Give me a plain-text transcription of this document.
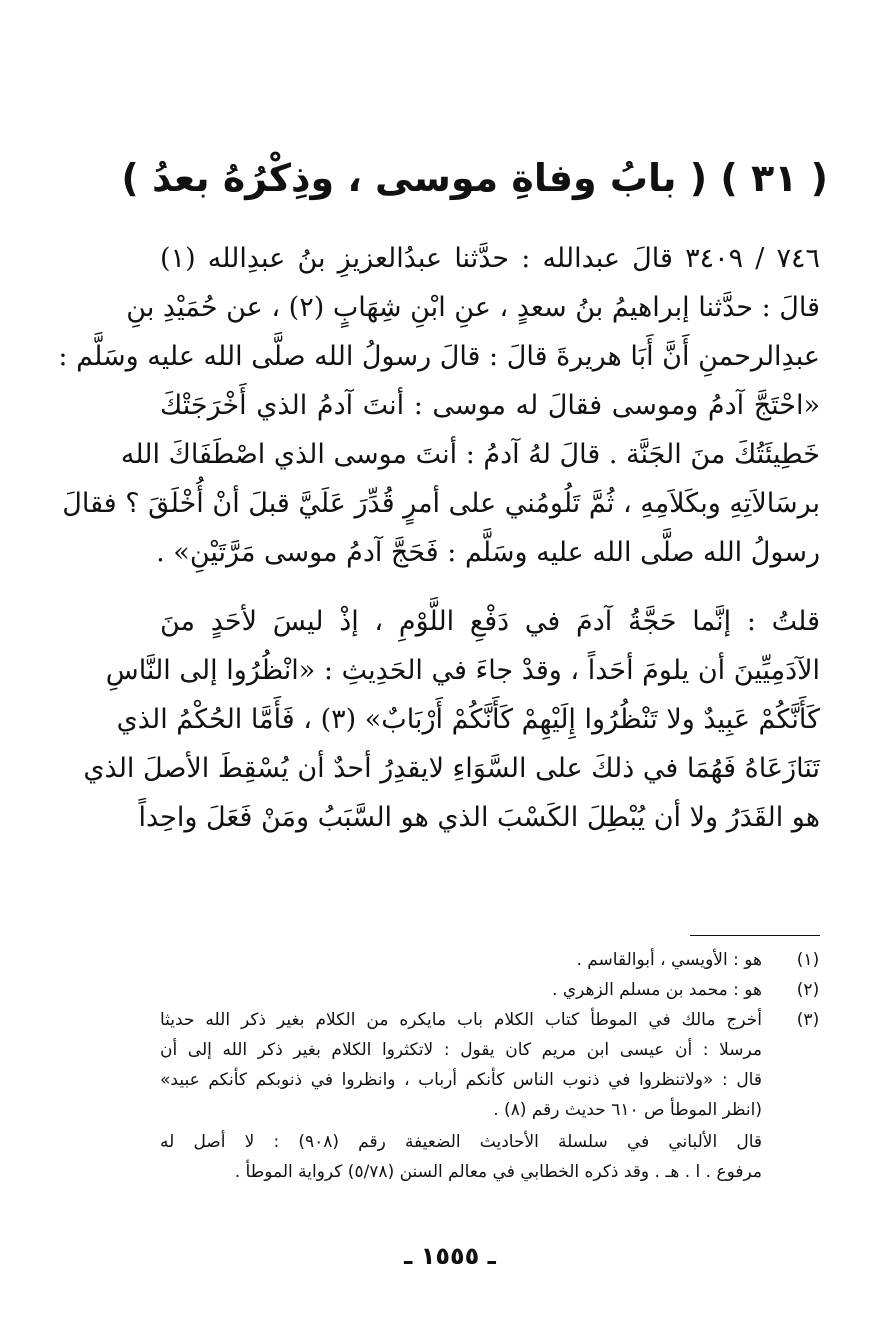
( ٣١ ) ( بابُ وفاةِ موسى ، وذِكْرُهُ بعدُ )
٧٤٦ / ٣٤٠٩ قالَ عبدالله : حدَّثنا عبدُالعزيزِ بنُ عبدِالله (١)
قالَ : حدَّثنا إبراهيمُ بنُ سعدٍ ، عنِ ابْنِ شِهَابٍ (٢) ، عن حُمَيْدِ بنِ
عبدِالرحمنِ أَنَّ أَبَا هريرةَ قالَ : قالَ رسولُ الله صلَّى الله عليه وسَلَّم :
«احْتَجَّ آدمُ وموسى فقالَ له موسى : أنتَ آدمُ الذي أَخْرَجَتْكَ
خَطِيئَتُكَ منَ الجَنَّة . قالَ لهُ آدمُ : أنتَ موسى الذي اصْطَفَاكَ الله
برسَالاَتِهِ وبكَلاَمِهِ ، ثُمَّ تَلُومُني على أمرٍ قُدِّرَ عَلَيَّ قبلَ أنْ أُخْلَقَ ؟ فقالَ
رسولُ الله صلَّى الله عليه وسَلَّم : فَحَجَّ آدمُ موسى مَرَّتَيْنِ» .
قلتُ : إنَّما حَجَّةُ آدمَ في دَفْعِ اللَّوْمِ ، إذْ ليسَ لأحَدٍ منَ
الآدَمِيِّينَ أن يلومَ أحَداً ، وقدْ جاءَ في الحَدِيثِ : «انْظُرُوا إلى النَّاسِ
كَأَنَّكُمْ عَبِيدٌ ولا تَنْظُرُوا إِلَيْهِمْ كَأَنَّكُمْ أَرْبَابٌ» (٣) ، فَأَمَّا الحُكْمُ الذي
تَنَازَعَاهُ فَهُمَا في ذلكَ على السَّوَاءِ لايقدِرُ أحدٌ أن يُسْقِطَ الأصلَ الذي
هو القَدَرُ ولا أن يُبْطِلَ الكَسْبَ الذي هو السَّبَبُ ومَنْ فَعَلَ واحِداً
(١)
هو : الأويسي ، أبوالقاسم .
(٢)
هو : محمد بن مسلم الزهري .
(٣)
أخرج مالك في الموطأ كتاب الكلام باب مايكره من الكلام بغير ذكر الله حديثا
مرسلا : أن عيسى ابن مريم كان يقول : لاتكثروا الكلام بغير ذكر الله إلى أن
قال : «ولاتنظروا في ذنوب الناس كأنكم أرباب ، وانظروا في ذنوبكم كأنكم عبيد»
(انظر الموطأ ص ٦١٠ حديث رقم (٨) .
قال الألباني في سلسلة الأحاديث الضعيفة رقم (٩٠٨) : لا أصل له
مرفوع . ا . هـ . وقد ذكره الخطابي في معالم السنن (٥/٧٨) كرواية الموطأ .
ـ ١٥٥٥ ـ
